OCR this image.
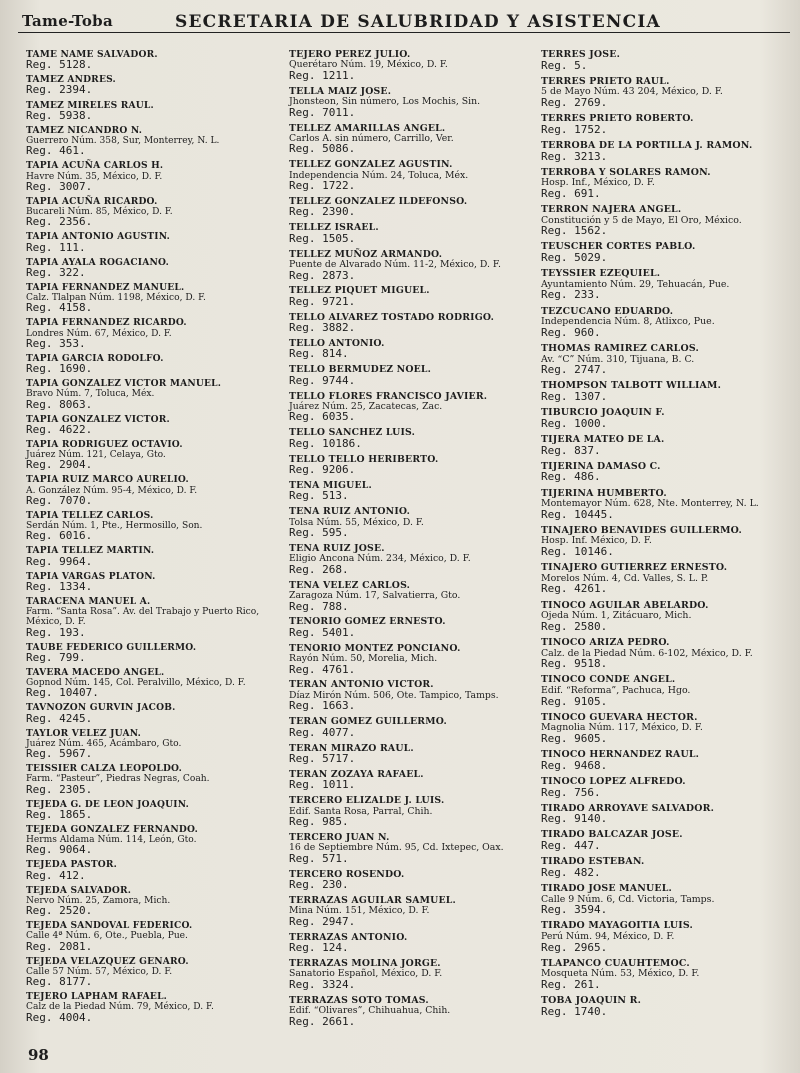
Tame-Toba	SECRETARIA DE SALUBRIDAD Y ASISTENCIA
TAME NAME SALVADOR.
Reg. 5128.
TAMEZ ANDRES.
Reg. 2394.
TAMEZ MIRELES RAUL.
Reg. 5938.
TAMEZ NICANDRO N.
Guerrero Núm. 358, Sur, Monterrey, N. L.
Reg. 461.
TAPIA ACUÑA CARLOS H.
Havre Núm. 35, México, D. F.
Reg. 3007.
TAPIA ACUÑA RICARDO.
Bucareli Núm. 85, México, D. F.
Reg. 2356.
TAPIA ANTONIO AGUSTIN.
Reg. 111.
TAPIA AYALA ROGACIANO.
Reg. 322.
TAPIA FERNANDEZ MANUEL.
Calz. Tlalpan Núm. 1198, México, D. F.
Reg. 4158.
TAPIA FERNANDEZ RICARDO.
Londres Núm. 67, México, D. F.
Reg. 353.
TAPIA GARCIA RODOLFO.
Reg. 1690.
TAPIA GONZALEZ VICTOR MANUEL.
Bravo Núm. 7, Toluca, Méx.
Reg. 8063.
TAPIA GONZALEZ VICTOR.
Reg. 4622.
TAPIA RODRIGUEZ OCTAVIO.
Juárez Núm. 121, Celaya, Gto.
Reg. 2904.
TAPIA RUIZ MARCO AURELIO.
A. González Núm. 95-4, México, D. F.
Reg. 7070.
TAPIA TELLEZ CARLOS.
Serdán Núm. 1, Pte., Hermosillo, Son.
Reg. 6016.
TAPIA TELLEZ MARTIN.
Reg. 9964.
TAPIA VARGAS PLATON.
Reg. 1334.
TARACENA MANUEL A.
Farm. “Santa Rosa”. Av. del Trabajo y Puerto Rico, México, D. F.
Reg. 193.
TAUBE FEDERICO GUILLERMO.
Reg. 799.
TAVERA MACEDO ANGEL.
Gopnod Núm. 145, Col. Peralvillo, México, D. F.
Reg. 10407.
TAVNOZON GURVIN JACOB.
Reg. 4245.
TAYLOR VELEZ JUAN.
Juárez Núm. 465, Acámbaro, Gto.
Reg. 5967.
TEISSIER CALZA LEOPOLDO.
Farm. “Pasteur”, Piedras Negras, Coah.
Reg. 2305.
TEJEDA G. DE LEON JOAQUIN.
Reg. 1865.
TEJEDA GONZALEZ FERNANDO.
Herms Aldama Núm. 114, León, Gto.
Reg. 9064.
TEJEDA PASTOR.
Reg. 412.
TEJEDA SALVADOR.
Nervo Núm. 25, Zamora, Mich.
Reg. 2520.
TEJEDA SANDOVAL FEDERICO.
Calle 4ª Núm. 6, Ote., Puebla, Pue.
Reg. 2081.
TEJEDA VELAZQUEZ GENARO.
Calle 57 Núm. 57, México, D. F.
Reg. 8177.
TEJERO LAPHAM RAFAEL.
Calz de la Piedad Núm. 79, México, D. F.
Reg. 4004.
TEJERO PEREZ JULIO.
Querétaro Núm. 19, México, D. F.
Reg. 1211.
TELLA MAIZ JOSE.
Jhonsteon, Sin número, Los Mochis, Sin.
Reg. 7011.
TELLEZ AMARILLAS ANGEL.
Carlos A. sin número, Carrillo, Ver.
Reg. 5086.
TELLEZ GONZALEZ AGUSTIN.
Independencia Núm. 24, Toluca, Méx.
Reg. 1722.
TELLEZ GONZALEZ ILDEFONSO.
Reg. 2390.
TELLEZ ISRAEL.
Reg. 1505.
TELLEZ MUÑOZ ARMANDO.
Puente de Alvarado Núm. 11-2, México, D. F.
Reg. 2873.
TELLEZ PIQUET MIGUEL.
Reg. 9721.
TELLO ALVAREZ TOSTADO RODRIGO.
Reg. 3882.
TELLO ANTONIO.
Reg. 814.
TELLO BERMUDEZ NOEL.
Reg. 9744.
TELLO FLORES FRANCISCO JAVIER.
Juárez Núm. 25, Zacatecas, Zac.
Reg. 6035.
TELLO SANCHEZ LUIS.
Reg. 10186.
TELLO TELLO HERIBERTO.
Reg. 9206.
TENA MIGUEL.
Reg. 513.
TENA RUIZ ANTONIO.
Tolsa Núm. 55, México, D. F.
Reg. 595.
TENA RUIZ JOSE.
Eligio Ancona Núm. 234, México, D. F.
Reg. 268.
TENA VELEZ CARLOS.
Zaragoza Núm. 17, Salvatierra, Gto.
Reg. 788.
TENORIO GOMEZ ERNESTO.
Reg. 5401.
TENORIO MONTEZ PONCIANO.
Rayón Núm. 50, Morelia, Mich.
Reg. 4761.
TERAN ANTONIO VICTOR.
Díaz Mirón Núm. 506, Ote. Tampico, Tamps.
Reg. 1663.
TERAN GOMEZ GUILLERMO.
Reg. 4077.
TERAN MIRAZO RAUL.
Reg. 5717.
TERAN ZOZAYA RAFAEL.
Reg. 1011.
TERCERO ELIZALDE J. LUIS.
Edif. Santa Rosa, Parral, Chih.
Reg. 985.
TERCERO JUAN N.
16 de Septiembre Núm. 95, Cd. Ixtepec, Oax.
Reg. 571.
TERCERO ROSENDO.
Reg. 230.
TERRAZAS AGUILAR SAMUEL.
Mina Núm. 151, México, D. F.
Reg. 2947.
TERRAZAS ANTONIO.
Reg. 124.
TERRAZAS MOLINA JORGE.
Sanatorio Español, México, D. F.
Reg. 3324.
TERRAZAS SOTO TOMAS.
Edif. “Olivares”, Chihuahua, Chih.
Reg. 2661.
TERRES JOSE.
Reg. 5.
TERRES PRIETO RAUL.
5 de Mayo Núm. 43 204, México, D. F.
Reg. 2769.
TERRES PRIETO ROBERTO.
Reg. 1752.
TERROBA DE LA PORTILLA J. RAMON.
Reg. 3213.
TERROBA Y SOLARES RAMON.
Hosp. Inf., México, D. F.
Reg. 691.
TERRON NAJERA ANGEL.
Constitución y 5 de Mayo, El Oro, México.
Reg. 1562.
TEUSCHER CORTES PABLO.
Reg. 5029.
TEYSSIER EZEQUIEL.
Ayuntamiento Núm. 29, Tehuacán, Pue.
Reg. 233.
TEZCUCANO EDUARDO.
Independencia Núm. 8, Atlixco, Pue.
Reg. 960.
THOMAS RAMIREZ CARLOS.
Av. “C” Núm. 310, Tijuana, B. C.
Reg. 2747.
THOMPSON TALBOTT WILLIAM.
Reg. 1307.
TIBURCIO JOAQUIN F.
Reg. 1000.
TIJERA MATEO DE LA.
Reg. 837.
TIJERINA DAMASO C.
Reg. 486.
TIJERINA HUMBERTO.
Montemayor Núm. 628, Nte. Monterrey, N. L.
Reg. 10445.
TINAJERO BENAVIDES GUILLERMO.
Hosp. Inf. México, D. F.
Reg. 10146.
TINAJERO GUTIERREZ ERNESTO.
Morelos Núm. 4, Cd. Valles, S. L. P.
Reg. 4261.
TINOCO AGUILAR ABELARDO.
Ojeda Núm. 1, Zitácuaro, Mich.
Reg. 2580.
TINOCO ARIZA PEDRO.
Calz. de la Piedad Núm. 6-102, México, D. F.
Reg. 9518.
TINOCO CONDE ANGEL.
Edif. “Reforma”, Pachuca, Hgo.
Reg. 9105.
TINOCO GUEVARA HECTOR.
Magnolia Núm. 117, México, D. F.
Reg. 9605.
TINOCO HERNANDEZ RAUL.
Reg. 9468.
TINOCO LOPEZ ALFREDO.
Reg. 756.
TIRADO ARROYAVE SALVADOR.
Reg. 9140.
TIRADO BALCAZAR JOSE.
Reg. 447.
TIRADO ESTEBAN.
Reg. 482.
TIRADO JOSE MANUEL.
Calle 9 Núm. 6, Cd. Victoria, Tamps.
Reg. 3594.
TIRADO MAYAGOITIA LUIS.
Perú Núm. 94, México, D. F.
Reg. 2965.
TLAPANCO CUAUHTEMOC.
Mosqueta Núm. 53, México, D. F.
Reg. 261.
TOBA JOAQUIN R.
Reg. 1740.
98
